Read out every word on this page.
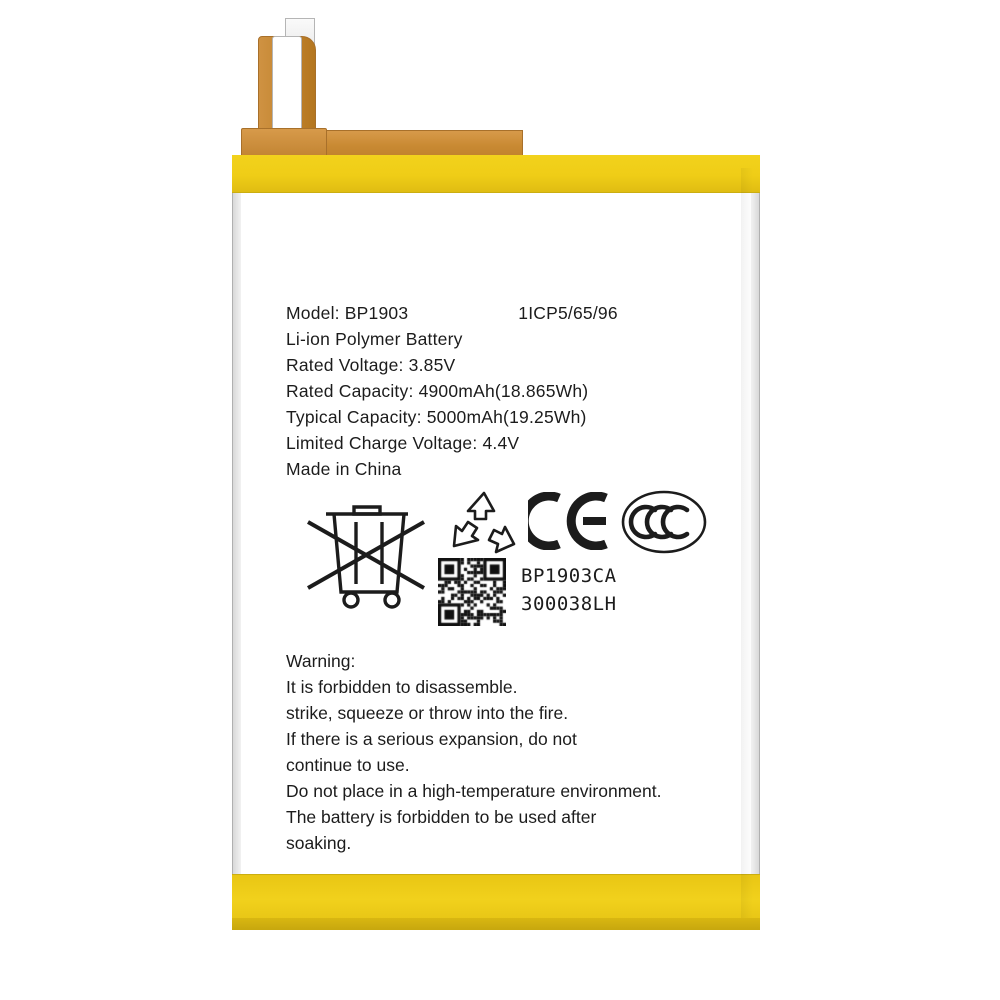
Model: BP1903	1ICP5/65/96
Li-ion Polymer Battery
Rated Voltage: 3.85V
Rated Capacity: 4900mAh(18.865Wh)
Typical Capacity: 5000mAh(19.25Wh)
Limited Charge Voltage: 4.4V
Made in China
BP1903CA
300038LH
Warning:
It is forbidden to disassemble.
strike, squeeze or throw into the fire.
If there is a serious expansion, do not
continue to use.
Do not place in a high-temperature environment.
The battery is forbidden to be used after
soaking.
